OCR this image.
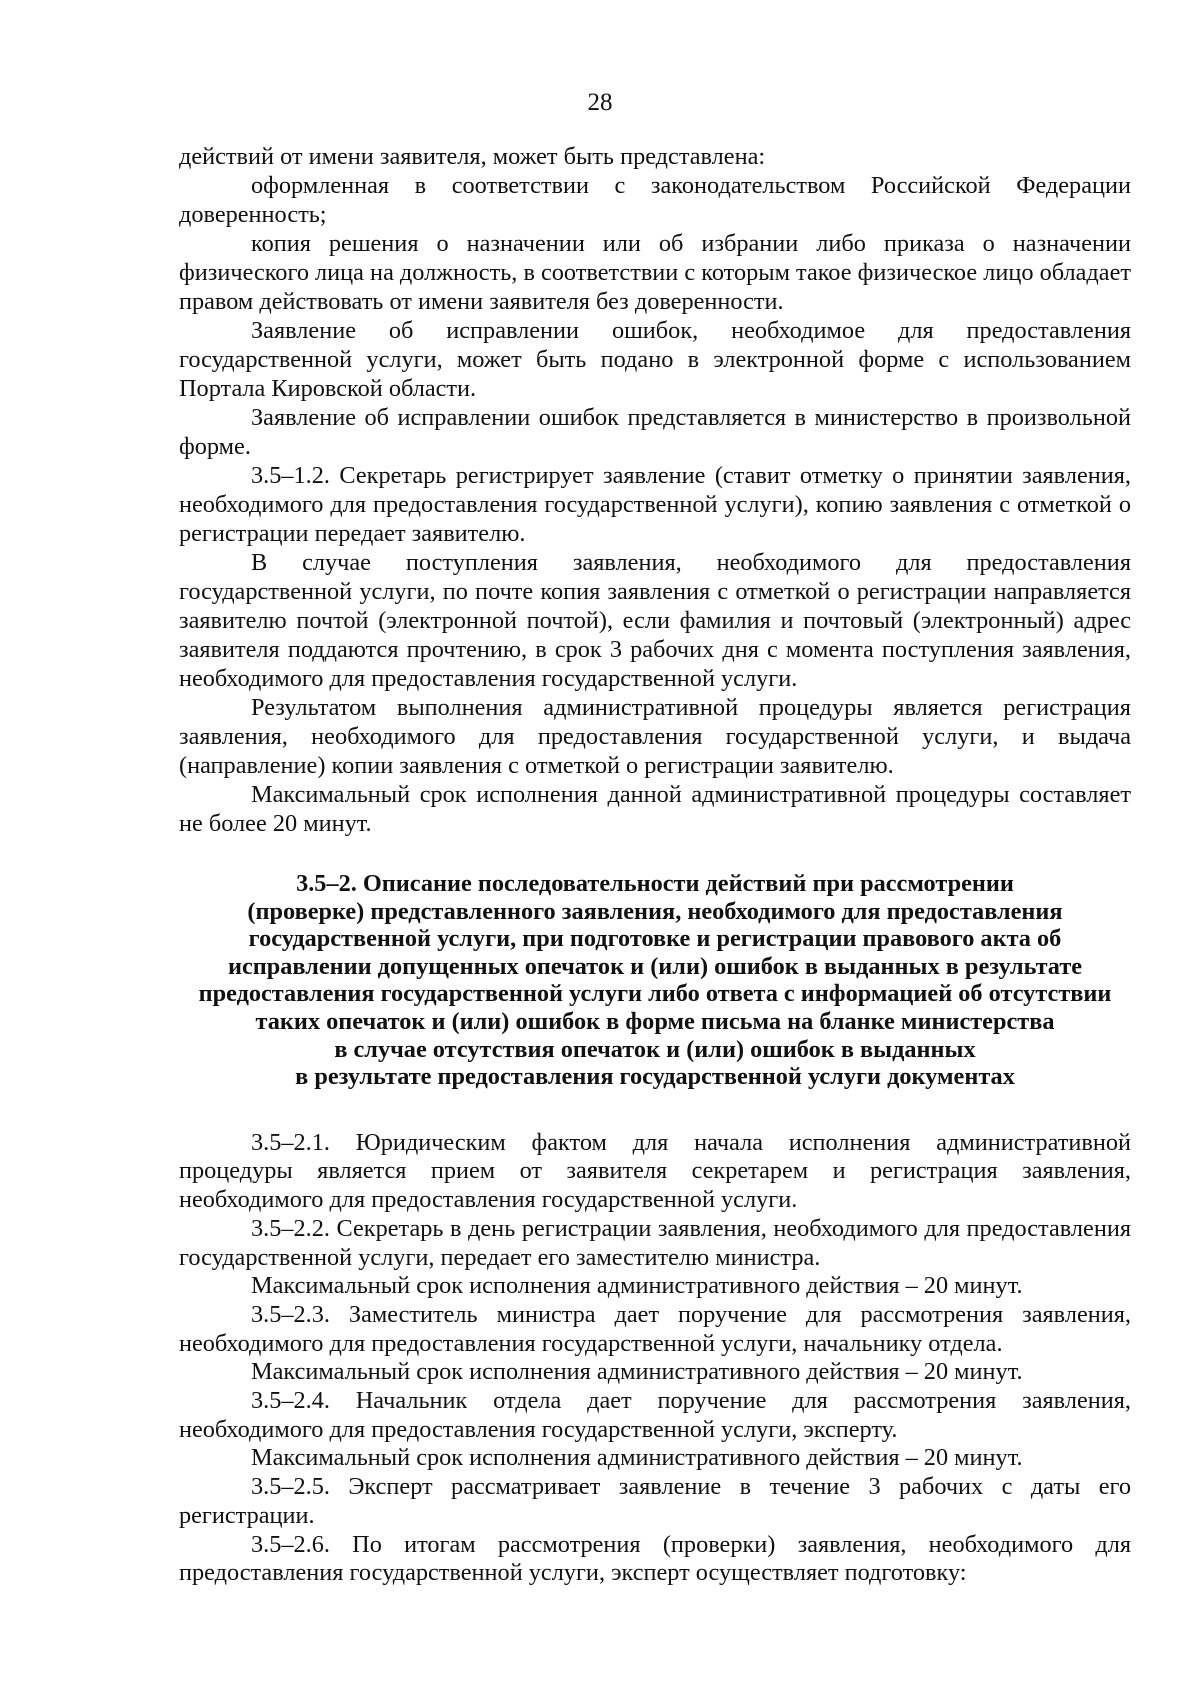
28

действий от имени заявителя, может быть представлена:

оформленная в соответствии с законодательством Российской Федерации доверенность;

копия решения о назначении или об избрании либо приказа о назначении физического лица на должность, в соответствии с которым такое физическое лицо обладает правом действовать от имени заявителя без доверенности.

Заявление об исправлении ошибок, необходимое для предоставления государственной услуги, может быть подано в электронной форме с использованием Портала Кировской области.

Заявление об исправлении ошибок представляется в министерство в произвольной форме.

3.5–1.2. Секретарь регистрирует заявление (ставит отметку о принятии заявления, необходимого для предоставления государственной услуги), копию заявления с отметкой о регистрации передает заявителю.

В случае поступления заявления, необходимого для предоставления государственной услуги, по почте копия заявления с отметкой о регистрации направляется заявителю почтой (электронной почтой), если фамилия и почтовый (электронный) адрес заявителя поддаются прочтению, в срок 3 рабочих дня с момента поступления заявления, необходимого для предоставления государственной услуги.

Результатом выполнения административной процедуры является регистрация заявления, необходимого для предоставления государственной услуги, и выдача (направление) копии заявления с отметкой о регистрации заявителю.

Максимальный срок исполнения данной административной процедуры составляет не более 20 минут.

3.5–2. Описание последовательности действий при рассмотрении
(проверке) представленного заявления, необходимого для предоставления
государственной услуги, при подготовке и регистрации правового акта об
исправлении допущенных опечаток и (или) ошибок в выданных в результате
предоставления государственной услуги либо ответа с информацией об отсутствии
таких опечаток и (или) ошибок в форме письма на бланке министерства
в случае отсутствия опечаток и (или) ошибок в выданных
в результате предоставления государственной услуги документах

3.5–2.1. Юридическим фактом для начала исполнения административной процедуры является прием от заявителя секретарем и регистрация заявления, необходимого для предоставления государственной услуги.

3.5–2.2. Секретарь в день регистрации заявления, необходимого для предоставления государственной услуги, передает его заместителю министра.

Максимальный срок исполнения административного действия – 20 минут.

3.5–2.3. Заместитель министра дает поручение для рассмотрения заявления, необходимого для предоставления государственной услуги, начальнику отдела.

Максимальный срок исполнения административного действия – 20 минут.

3.5–2.4. Начальник отдела дает поручение для рассмотрения заявления, необходимого для предоставления государственной услуги, эксперту.

Максимальный срок исполнения административного действия – 20 минут.

3.5–2.5. Эксперт рассматривает заявление в течение 3 рабочих с даты его регистрации.

3.5–2.6. По итогам рассмотрения (проверки) заявления, необходимого для предоставления государственной услуги, эксперт осуществляет подготовку:
